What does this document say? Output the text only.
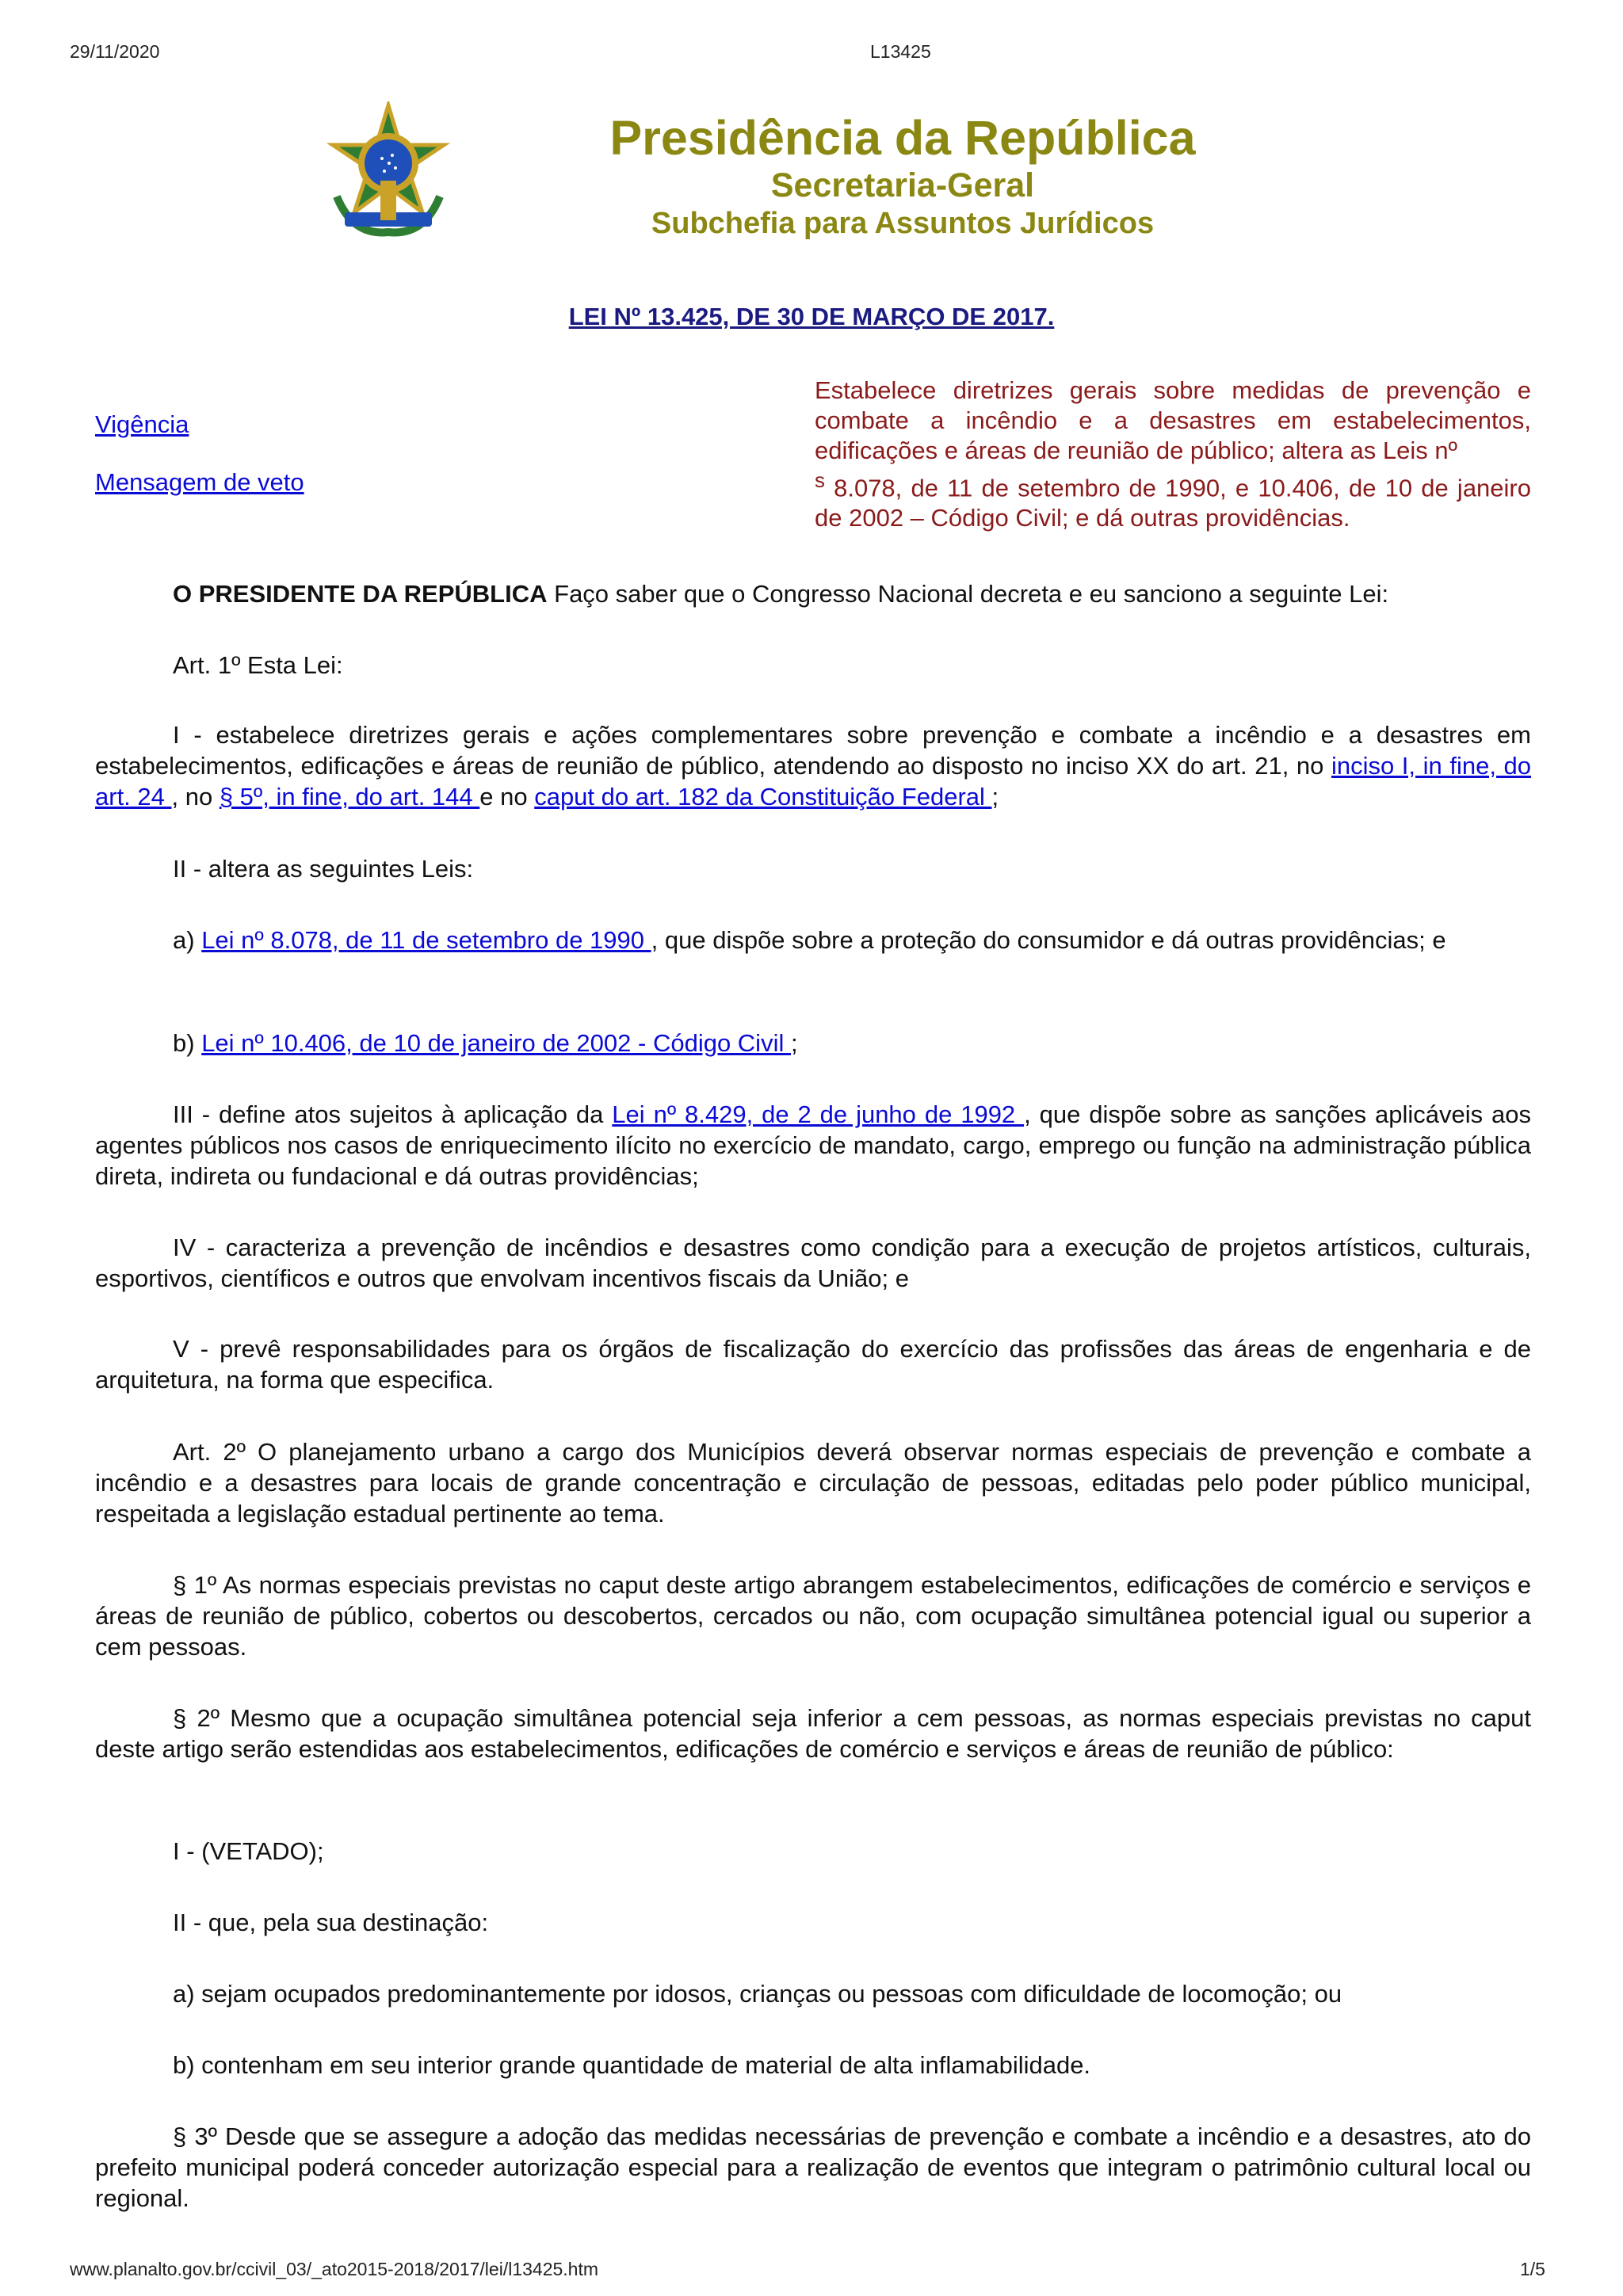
29/11/2020	L13425
Presidência da República
Secretaria-Geral
Subchefia para Assuntos Jurídicos
LEI Nº 13.425, DE 30 DE MARÇO DE 2017.
Vigência
Mensagem de veto
Estabelece diretrizes gerais sobre medidas de prevenção e combate a incêndio e a desastres em estabelecimentos, edificações e áreas de reunião de público; altera as Leis nº
$^s$ 8.078, de 11 de setembro de 1990, e 10.406, de 10 de janeiro de 2002 – Código Civil; e dá outras providências.

O PRESIDENTE DA REPÚBLICA Faço saber que o Congresso Nacional decreta e eu sanciono a seguinte Lei:

Art. 1º Esta Lei:

I - estabelece diretrizes gerais e ações complementares sobre prevenção e combate a incêndio e a desastres em estabelecimentos, edificações e áreas de reunião de público, atendendo ao disposto no inciso XX do art. 21, no inciso I, in fine, do art. 24 , no § 5º, in fine, do art. 144 e no caput do art. 182 da Constituição Federal ;

II - altera as seguintes Leis:

a) Lei nº 8.078, de 11 de setembro de 1990 , que dispõe sobre a proteção do consumidor e dá outras providências; e

b) Lei nº 10.406, de 10 de janeiro de 2002 - Código Civil ;

III - define atos sujeitos à aplicação da Lei nº 8.429, de 2 de junho de 1992 , que dispõe sobre as sanções aplicáveis aos agentes públicos nos casos de enriquecimento ilícito no exercício de mandato, cargo, emprego ou função na administração pública direta, indireta ou fundacional e dá outras providências;

IV - caracteriza a prevenção de incêndios e desastres como condição para a execução de projetos artísticos, culturais, esportivos, científicos e outros que envolvam incentivos fiscais da União; e

V - prevê responsabilidades para os órgãos de fiscalização do exercício das profissões das áreas de engenharia e de arquitetura, na forma que especifica.

Art. 2º O planejamento urbano a cargo dos Municípios deverá observar normas especiais de prevenção e combate a incêndio e a desastres para locais de grande concentração e circulação de pessoas, editadas pelo poder público municipal, respeitada a legislação estadual pertinente ao tema.

§ 1º As normas especiais previstas no caput deste artigo abrangem estabelecimentos, edificações de comércio e serviços e áreas de reunião de público, cobertos ou descobertos, cercados ou não, com ocupação simultânea potencial igual ou superior a cem pessoas.

§ 2º Mesmo que a ocupação simultânea potencial seja inferior a cem pessoas, as normas especiais previstas no caput deste artigo serão estendidas aos estabelecimentos, edificações de comércio e serviços e áreas de reunião de público:

I - (VETADO);

II - que, pela sua destinação:

a) sejam ocupados predominantemente por idosos, crianças ou pessoas com dificuldade de locomoção; ou

b) contenham em seu interior grande quantidade de material de alta inflamabilidade.

§ 3º Desde que se assegure a adoção das medidas necessárias de prevenção e combate a incêndio e a desastres, ato do prefeito municipal poderá conceder autorização especial para a realização de eventos que integram o patrimônio cultural local ou regional.

www.planalto.gov.br/ccivil_03/_ato2015-2018/2017/lei/l13425.htm	1/5
